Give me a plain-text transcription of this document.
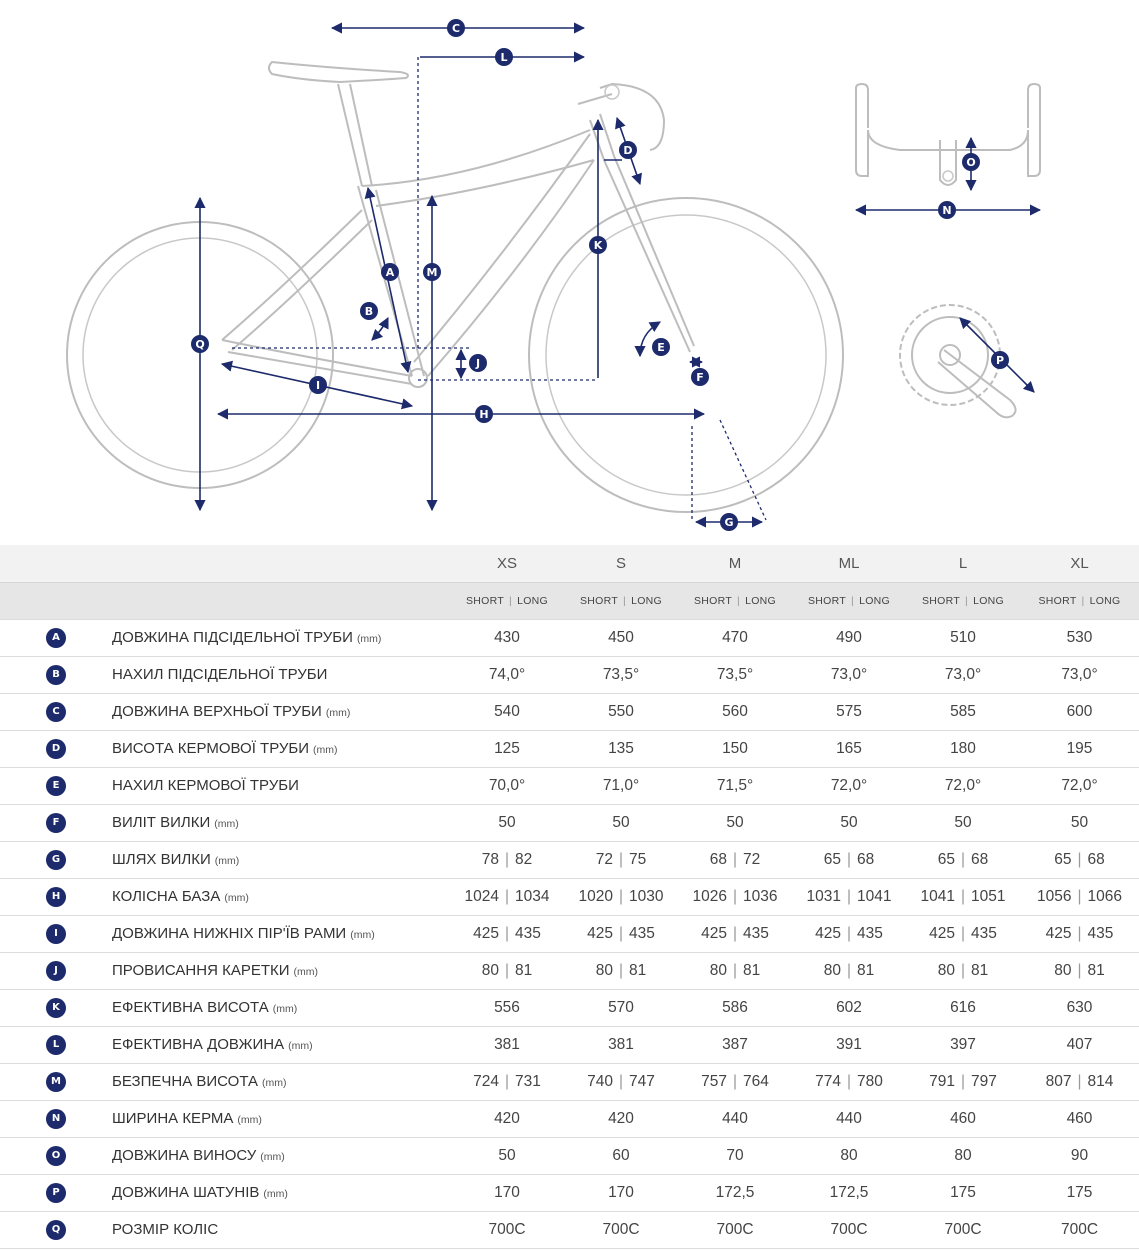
A
B
C
D
E
F
G
H
I
J
K
L
M
N
O
P
Q
		XS	S	M	ML	L	XL
		SHORT | LONG	SHORT | LONG	SHORT | LONG	SHORT | LONG	SHORT | LONG	SHORT | LONG
A	ДОВЖИНА ПІДСІДЕЛЬНОЇ ТРУБИ (mm)	430	450	470	490	510	530
B	НАХИЛ ПІДСІДЕЛЬНОЇ ТРУБИ	74,0°	73,5°	73,5°	73,0°	73,0°	73,0°
C	ДОВЖИНА ВЕРХНЬОЇ ТРУБИ (mm)	540	550	560	575	585	600
D	ВИСОТА КЕРМОВОЇ ТРУБИ (mm)	125	135	150	165	180	195
E	НАХИЛ КЕРМОВОЇ ТРУБИ	70,0°	71,0°	71,5°	72,0°	72,0°	72,0°
F	ВИЛІТ ВИЛКИ (mm)	50	50	50	50	50	50
G	ШЛЯХ ВИЛКИ (mm)	78 | 82	72 | 75	68 | 72	65 | 68	65 | 68	65 | 68
H	КОЛІСНА БАЗА (mm)	1024 | 1034	1020 | 1030	1026 | 1036	1031 | 1041	1041 | 1051	1056 | 1066
I	ДОВЖИНА НИЖНІХ ПІР'ЇВ РАМИ (mm)	425 | 435	425 | 435	425 | 435	425 | 435	425 | 435	425 | 435
J	ПРОВИСАННЯ КАРЕТКИ (mm)	80 | 81	80 | 81	80 | 81	80 | 81	80 | 81	80 | 81
K	ЕФЕКТИВНА ВИСОТА (mm)	556	570	586	602	616	630
L	ЕФЕКТИВНА ДОВЖИНА (mm)	381	381	387	391	397	407
M	БЕЗПЕЧНА ВИСОТА (mm)	724 | 731	740 | 747	757 | 764	774 | 780	791 | 797	807 | 814
N	ШИРИНА КЕРМА (mm)	420	420	440	440	460	460
O	ДОВЖИНА ВИНОСУ (mm)	50	60	70	80	80	90
P	ДОВЖИНА ШАТУНІВ (mm)	170	170	172,5	172,5	175	175
Q	РОЗМІР КОЛІС	700C	700C	700C	700C	700C	700C
